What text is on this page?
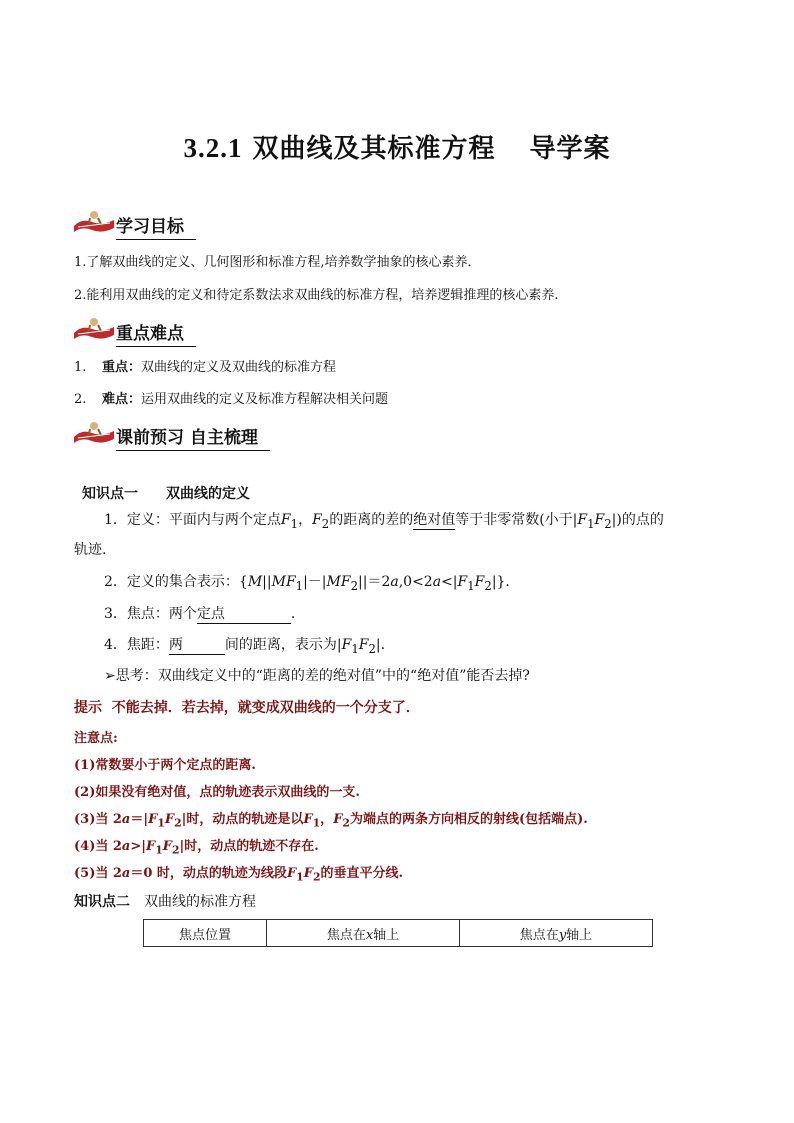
3.2.1 双曲线及其标准方程 导学案
学习目标
1.了解双曲线的定义、几何图形和标准方程,培养数学抽象的核心素养．
2.能利用双曲线的定义和待定系数法求双曲线的标准方程，培养逻辑推理的核心素养.
重点难点
1. 重点：双曲线的定义及双曲线的标准方程
2. 难点：运用双曲线的定义及标准方程解决相关问题
课前预习 自主梳理
知识点一 双曲线的定义
1．定义：平面内与两个定点$F_1$，$F_2$的距离的差的绝对值等于非零常数(小于$|F_1F_2|$)的点的
轨迹.
2．定义的集合表示：$\{M||MF_1|-|MF_2||=2a,0<2a<|F_1F_2|\}$．
3．焦点：两个定点	.
4．焦距：两	间的距离，表示为$|F_1F_2|$.
➢思考：双曲线定义中的“距离的差的绝对值”中的“绝对值”能否去掉?
提示 不能去掉．若去掉，就变成双曲线的一个分支了．
注意点:
(1)常数要小于两个定点的距离.
(2)如果没有绝对值，点的轨迹表示双曲线的一支.
(3)当 $2a=|F_1F_2|$时，动点的轨迹是以$F_1$，$F_2$为端点的两条方向相反的射线(包括端点).
(4)当 $2a>|F_1F_2|$时，动点的轨迹不存在.
(5)当 2a＝0 时，动点的轨迹为线段$F_1F_2$的垂直平分线.
知识点二 双曲线的标准方程
焦点位置	焦点在x轴上	焦点在y轴上
